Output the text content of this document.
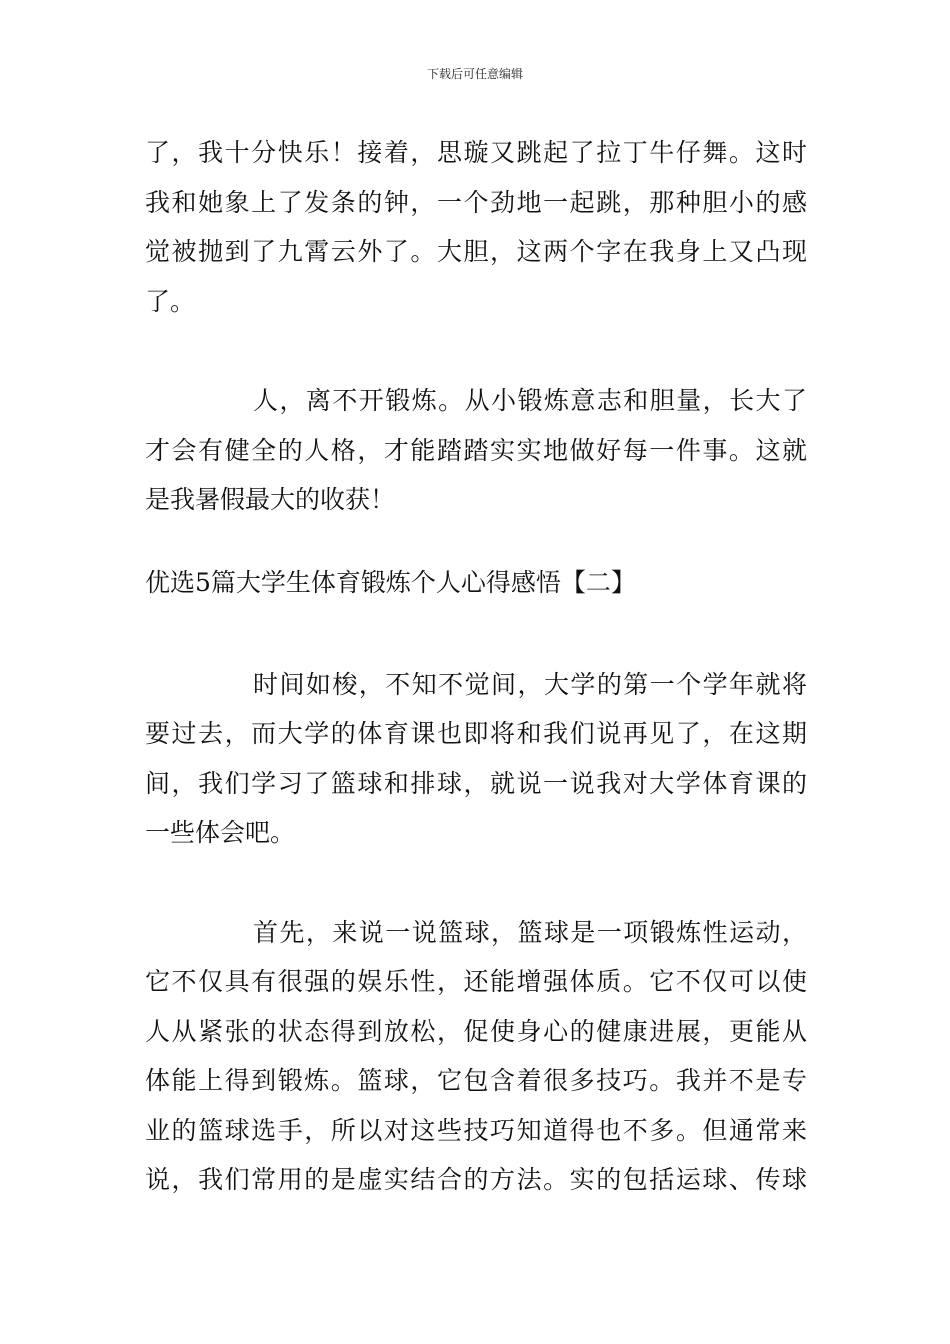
下载后可任意编辑
了，我十分快乐！接着，思璇又跳起了拉丁牛仔舞。这时
我和她象上了发条的钟，一个劲地一起跳，那种胆小的感
觉被抛到了九霄云外了。大胆，这两个字在我身上又凸现
了。
人，离不开锻炼。从小锻炼意志和胆量，长大了
才会有健全的人格，才能踏踏实实地做好每一件事。这就
是我暑假最大的收获！
优选5篇大学生体育锻炼个人心得感悟【二】
时间如梭，不知不觉间，大学的第一个学年就将
要过去，而大学的体育课也即将和我们说再见了，在这期
间，我们学习了篮球和排球，就说一说我对大学体育课的
一些体会吧。
首先，来说一说篮球，篮球是一项锻炼性运动，
它不仅具有很强的娱乐性，还能增强体质。它不仅可以使
人从紧张的状态得到放松，促使身心的健康进展，更能从
体能上得到锻炼。篮球，它包含着很多技巧。我并不是专
业的篮球选手，所以对这些技巧知道得也不多。但通常来
说，我们常用的是虚实结合的方法。实的包括运球、传球
